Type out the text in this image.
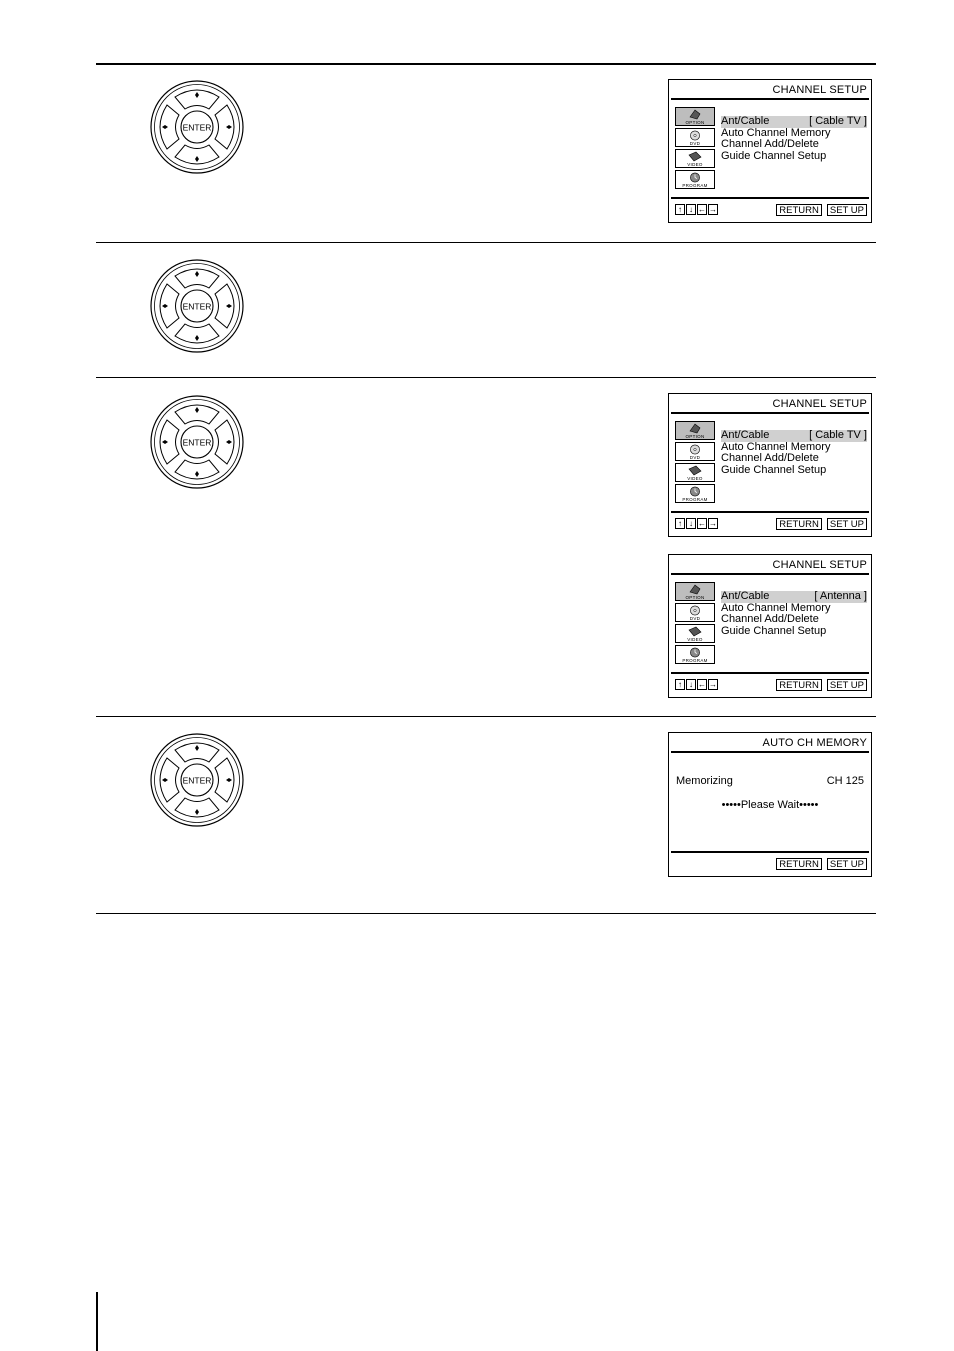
ENTER
CHANNEL SETUP
OPTION
DVD
VIDEO
PROGRAM
Ant/Cable	[ Cable TV ]
Auto Channel Memory
Channel Add/Delete
Guide Channel Setup
↑ ↓ ← →	RETURN	SET UP
ENTER
ENTER
CHANNEL SETUP
OPTION
DVD
VIDEO
PROGRAM
Ant/Cable	[ Cable TV ]
Auto Channel Memory
Channel Add/Delete
Guide Channel Setup
↑ ↓ ← →	RETURN	SET UP
CHANNEL SETUP
OPTION
DVD
VIDEO
PROGRAM
Ant/Cable	[ Antenna ]
Auto Channel Memory
Channel Add/Delete
Guide Channel Setup
↑ ↓ ← →	RETURN	SET UP
ENTER
AUTO CH MEMORY
Memorizing	CH 125
•••••Please Wait•••••
RETURN	SET UP
